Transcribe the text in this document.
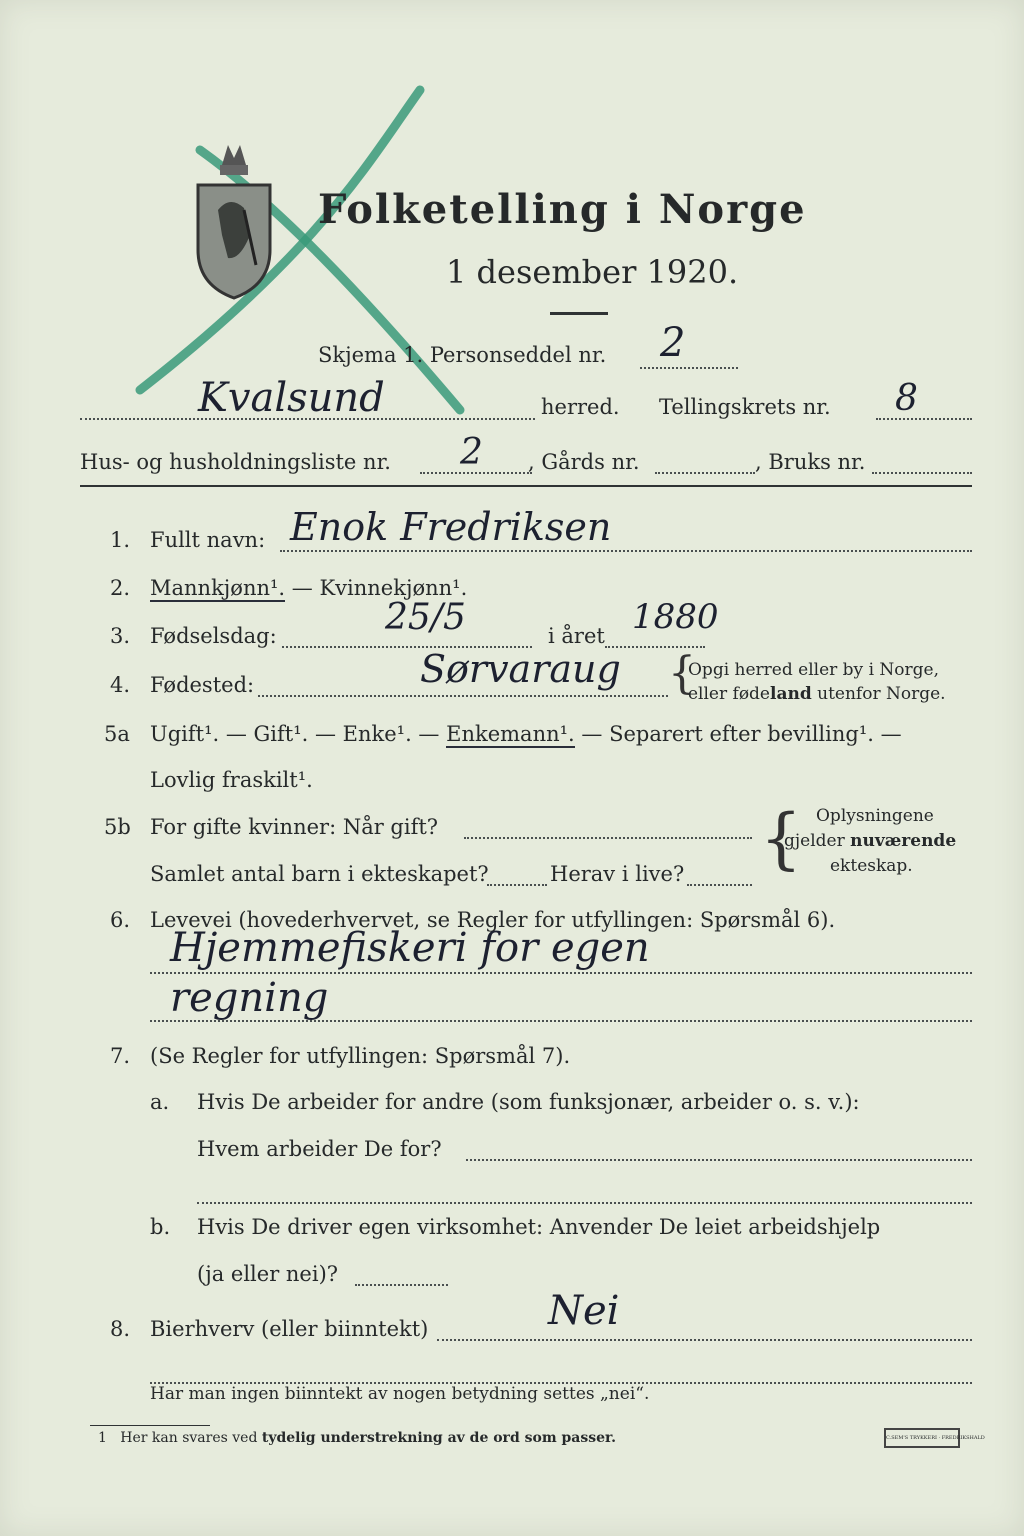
Folketelling i Norge
1 desember 1920.
Skjema 1. Personseddel nr. 2
Kvalsund	herred. Tellingskrets nr. 8
Hus- og husholdningsliste nr. 2 , Gårds nr.	, Bruks nr.
1. Fullt navn: Enok Fredriksen
2. Mannkjønn¹. — Kvinnekjønn¹.
3. Fødselsdag:	25/5	i året 1880
4. Fødested:	Sørvaraug {
Opgi herred eller by i Norge,
eller fødeland utenfor Norge.
5a Ugift¹. — Gift¹. — Enke¹. — Enkemann¹. — Separert efter bevilling¹. —
Lovlig fraskilt¹.
5b For gifte kvinner: Når gift?
Samlet antal barn i ekteskapet?	Herav i live? { Oplysningene
gjelder nuværende
ekteskap.
6. Levevei (hovederhvervet, se Regler for utfyllingen: Spørsmål 6).
Hjemmefiskeri for egen
regning
7. (Se Regler for utfyllingen: Spørsmål 7).
a. Hvis De arbeider for andre (som funksjonær, arbeider o. s. v.):
Hvem arbeider De for?
b. Hvis De driver egen virksomhet: Anvender De leiet arbeidshjelp
(ja eller nei)?
8. Bierhverv (eller biinntekt)	Nei
Har man ingen biinntekt av nogen betydning settes „nei“.
1 Her kan svares ved tydelig understrekning av de ord som passer.	C.SEM'S TRYKKERI · FREDRIKSHALD
